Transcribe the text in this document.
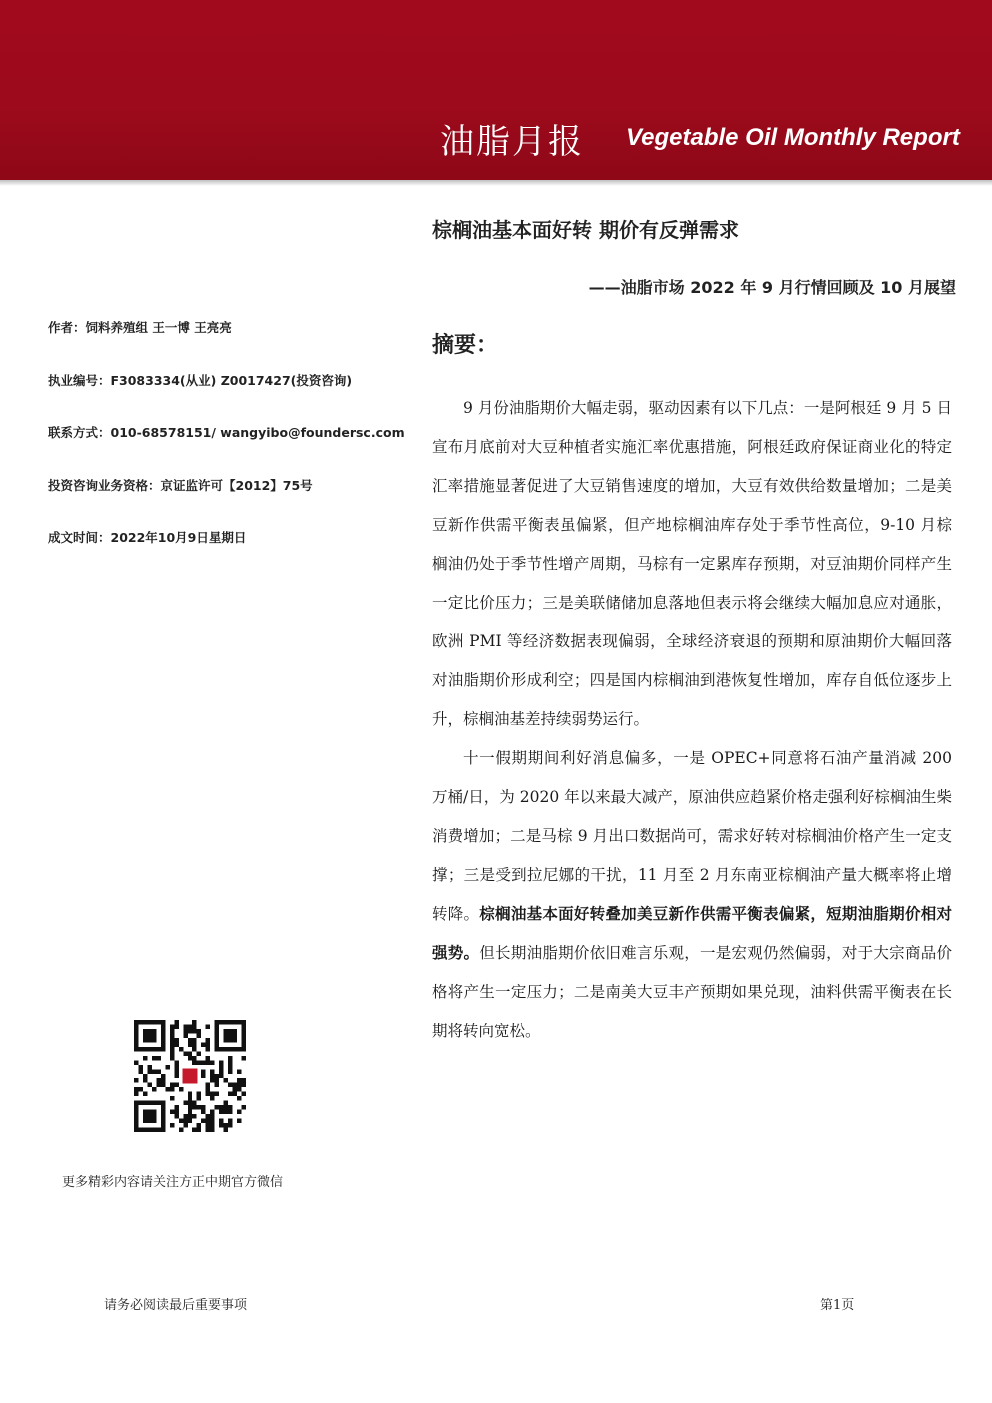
油脂月报 Vegetable Oil Monthly Report
棕榈油基本面好转 期价有反弹需求
——油脂市场 2022 年 9 月行情回顾及 10 月展望
作者：饲料养殖组 王一博 王亮亮
执业编号：F3083334(从业) Z0017427(投资咨询)
联系方式：010-68578151/ wangyibo@foundersc.com
投资咨询业务资格：京证监许可【2012】75号
成文时间：2022年10月9日星期日
摘要：

9 月份油脂期价大幅走弱，驱动因素有以下几点：一是阿根廷 9 月 5 日宣布月底前对大豆种植者实施汇率优惠措施，阿根廷政府保证商业化的特定汇率措施显著促进了大豆销售速度的增加，大豆有效供给数量增加；二是美豆新作供需平衡表虽偏紧，但产地棕榈油库存处于季节性高位，9-10 月棕榈油仍处于季节性增产周期，马棕有一定累库存预期，对豆油期价同样产生一定比价压力；三是美联储储加息落地但表示将会继续大幅加息应对通胀，欧洲 PMI 等经济数据表现偏弱，全球经济衰退的预期和原油期价大幅回落对油脂期价形成利空；四是国内棕榈油到港恢复性增加，库存自低位逐步上升，棕榈油基差持续弱势运行。

十一假期期间利好消息偏多，一是 OPEC+同意将石油产量消减 200 万桶/日，为 2020 年以来最大减产，原油供应趋紧价格走强利好棕榈油生柴消费增加；二是马棕 9 月出口数据尚可，需求好转对棕榈油价格产生一定支撑；三是受到拉尼娜的干扰，11 月至 2 月东南亚棕榈油产量大概率将止增转降。棕榈油基本面好转叠加美豆新作供需平衡表偏紧，短期油脂期价相对强势。但长期油脂期价依旧难言乐观，一是宏观仍然偏弱，对于大宗商品价格将产生一定压力；二是南美大豆丰产预期如果兑现，油料供需平衡表在长期将转向宽松。

更多精彩内容请关注方正中期官方微信
请务必阅读最后重要事项	第1页
